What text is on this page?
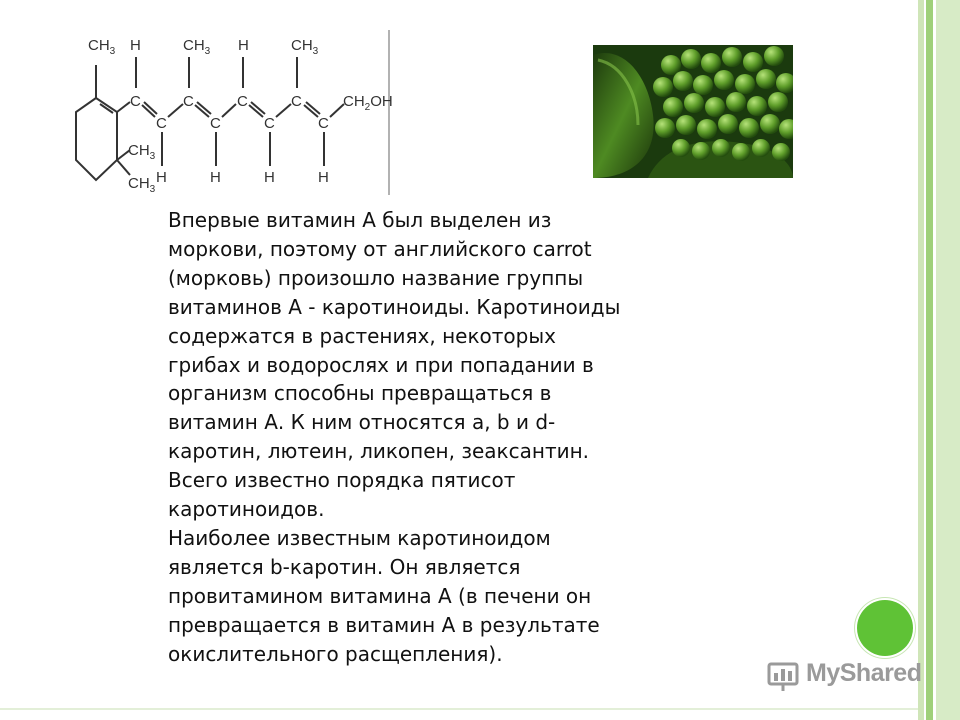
$CH_3$ H	$CH_3$ H	$CH_3$
C	C	C	C
C	C	C	C
$CH_2OH$
$CH_3$
$CH_3$
H	H	H	H

Впервые витамин А был выделен из
моркови, поэтому от английского carrot
(морковь) произошло название группы
витаминов А - каротиноиды. Каротиноиды
содержатся в растениях, некоторых
грибах и водорослях и при попадании в
организм способны превращаться в
витамин А. К ним относятся a, b и d-
каротин, лютеин, ликопен, зеаксантин.
Всего известно порядка пятисот
каротиноидов.
Наиболее известным каротиноидом
является b-каротин. Он является
провитамином витамина А (в печени он
превращается в витамин А в результате
окислительного расщепления).

MyShared
